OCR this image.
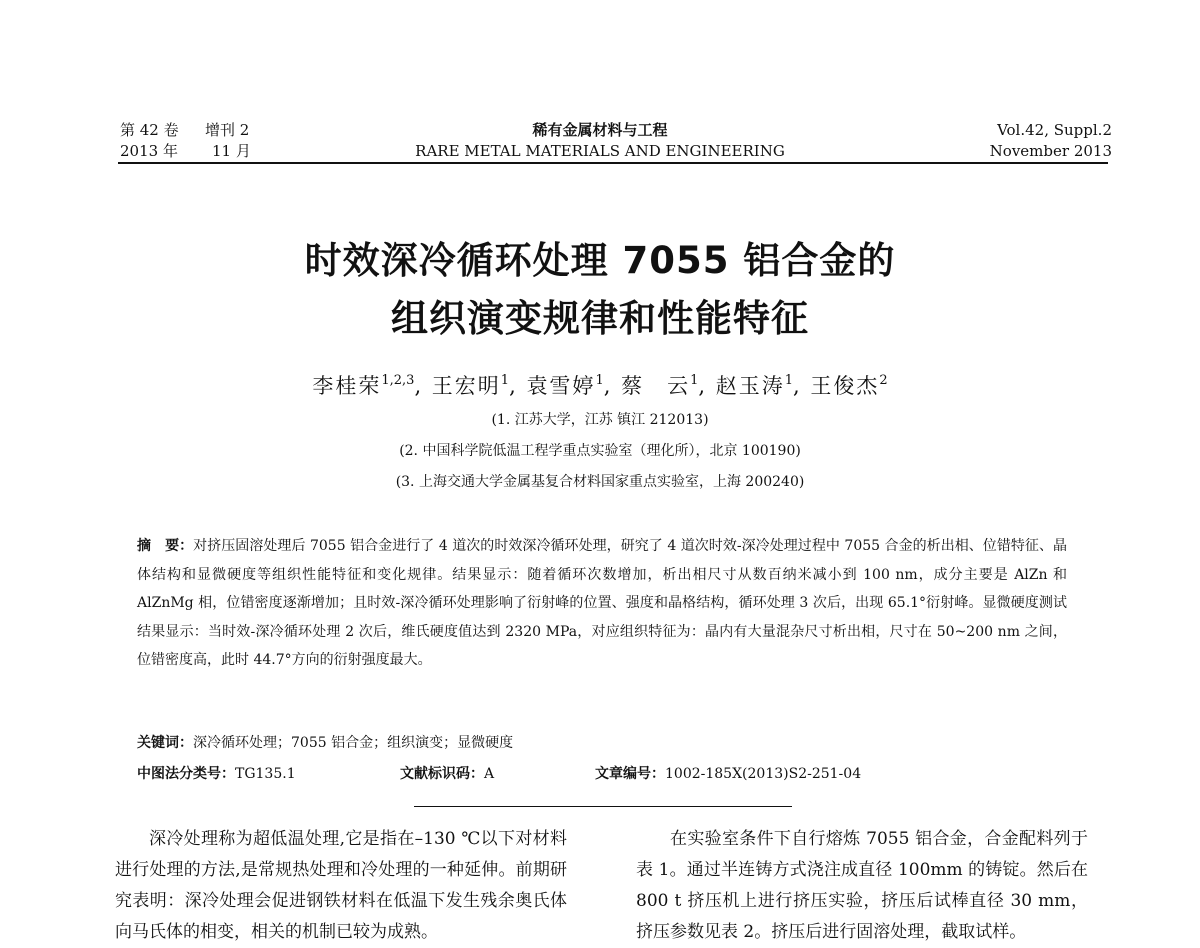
第 42 卷 增刊 2
2013 年 11 月
稀有金属材料与工程
RARE METAL MATERIALS AND ENGINEERING
Vol.42, Suppl.2
November 2013
时效深冷循环处理 7055 铝合金的
组织演变规律和性能特征
李桂荣$^{1,2,3}$, 王宏明$^1$, 袁雪婷$^1$, 蔡　云$^1$, 赵玉涛$^1$, 王俊杰$^2$
(1. 江苏大学，江苏 镇江 212013)
(2. 中国科学院低温工程学重点实验室（理化所），北京 100190)
(3. 上海交通大学金属基复合材料国家重点实验室，上海 200240)
摘　要：对挤压固溶处理后 7055 铝合金进行了 4 道次的时效深冷循环处理，研究了 4 道次时效-深冷处理过程中 7055 合金的析出相、位错特征、晶体结构和显微硬度等组织性能特征和变化规律。结果显示：随着循环次数增加，析出相尺寸从数百纳米减小到 100 nm，成分主要是 AlZn 和 AlZnMg 相，位错密度逐渐增加；且时效-深冷循环处理影响了衍射峰的位置、强度和晶格结构，循环处理 3 次后，出现 65.1°衍射峰。显微硬度测试结果显示：当时效-深冷循环处理 2 次后，维氏硬度值达到 2320 MPa，对应组织特征为：晶内有大量混杂尺寸析出相，尺寸在 50~200 nm 之间，位错密度高，此时 44.7°方向的衍射强度最大。
关键词：深冷循环处理；7055 铝合金；组织演变；显微硬度
中图法分类号：TG135.1	文献标识码：A	文章编号：1002-185X(2013)S2-251-04
深冷处理称为超低温处理,它是指在–130 ℃以下对材料进行处理的方法,是常规热处理和冷处理的一种延伸。前期研究表明：深冷处理会促进钢铁材料在低温下发生残余奥氏体向马氏体的相变，相关的机制已较为成熟。
在实验室条件下自行熔炼 7055 铝合金，合金配料列于表 1。通过半连铸方式浇注成直径 100mm 的铸锭。然后在 800 t 挤压机上进行挤压实验，挤压后试棒直径 30 mm，挤压参数见表 2。挤压后进行固溶处理，截取试样。
